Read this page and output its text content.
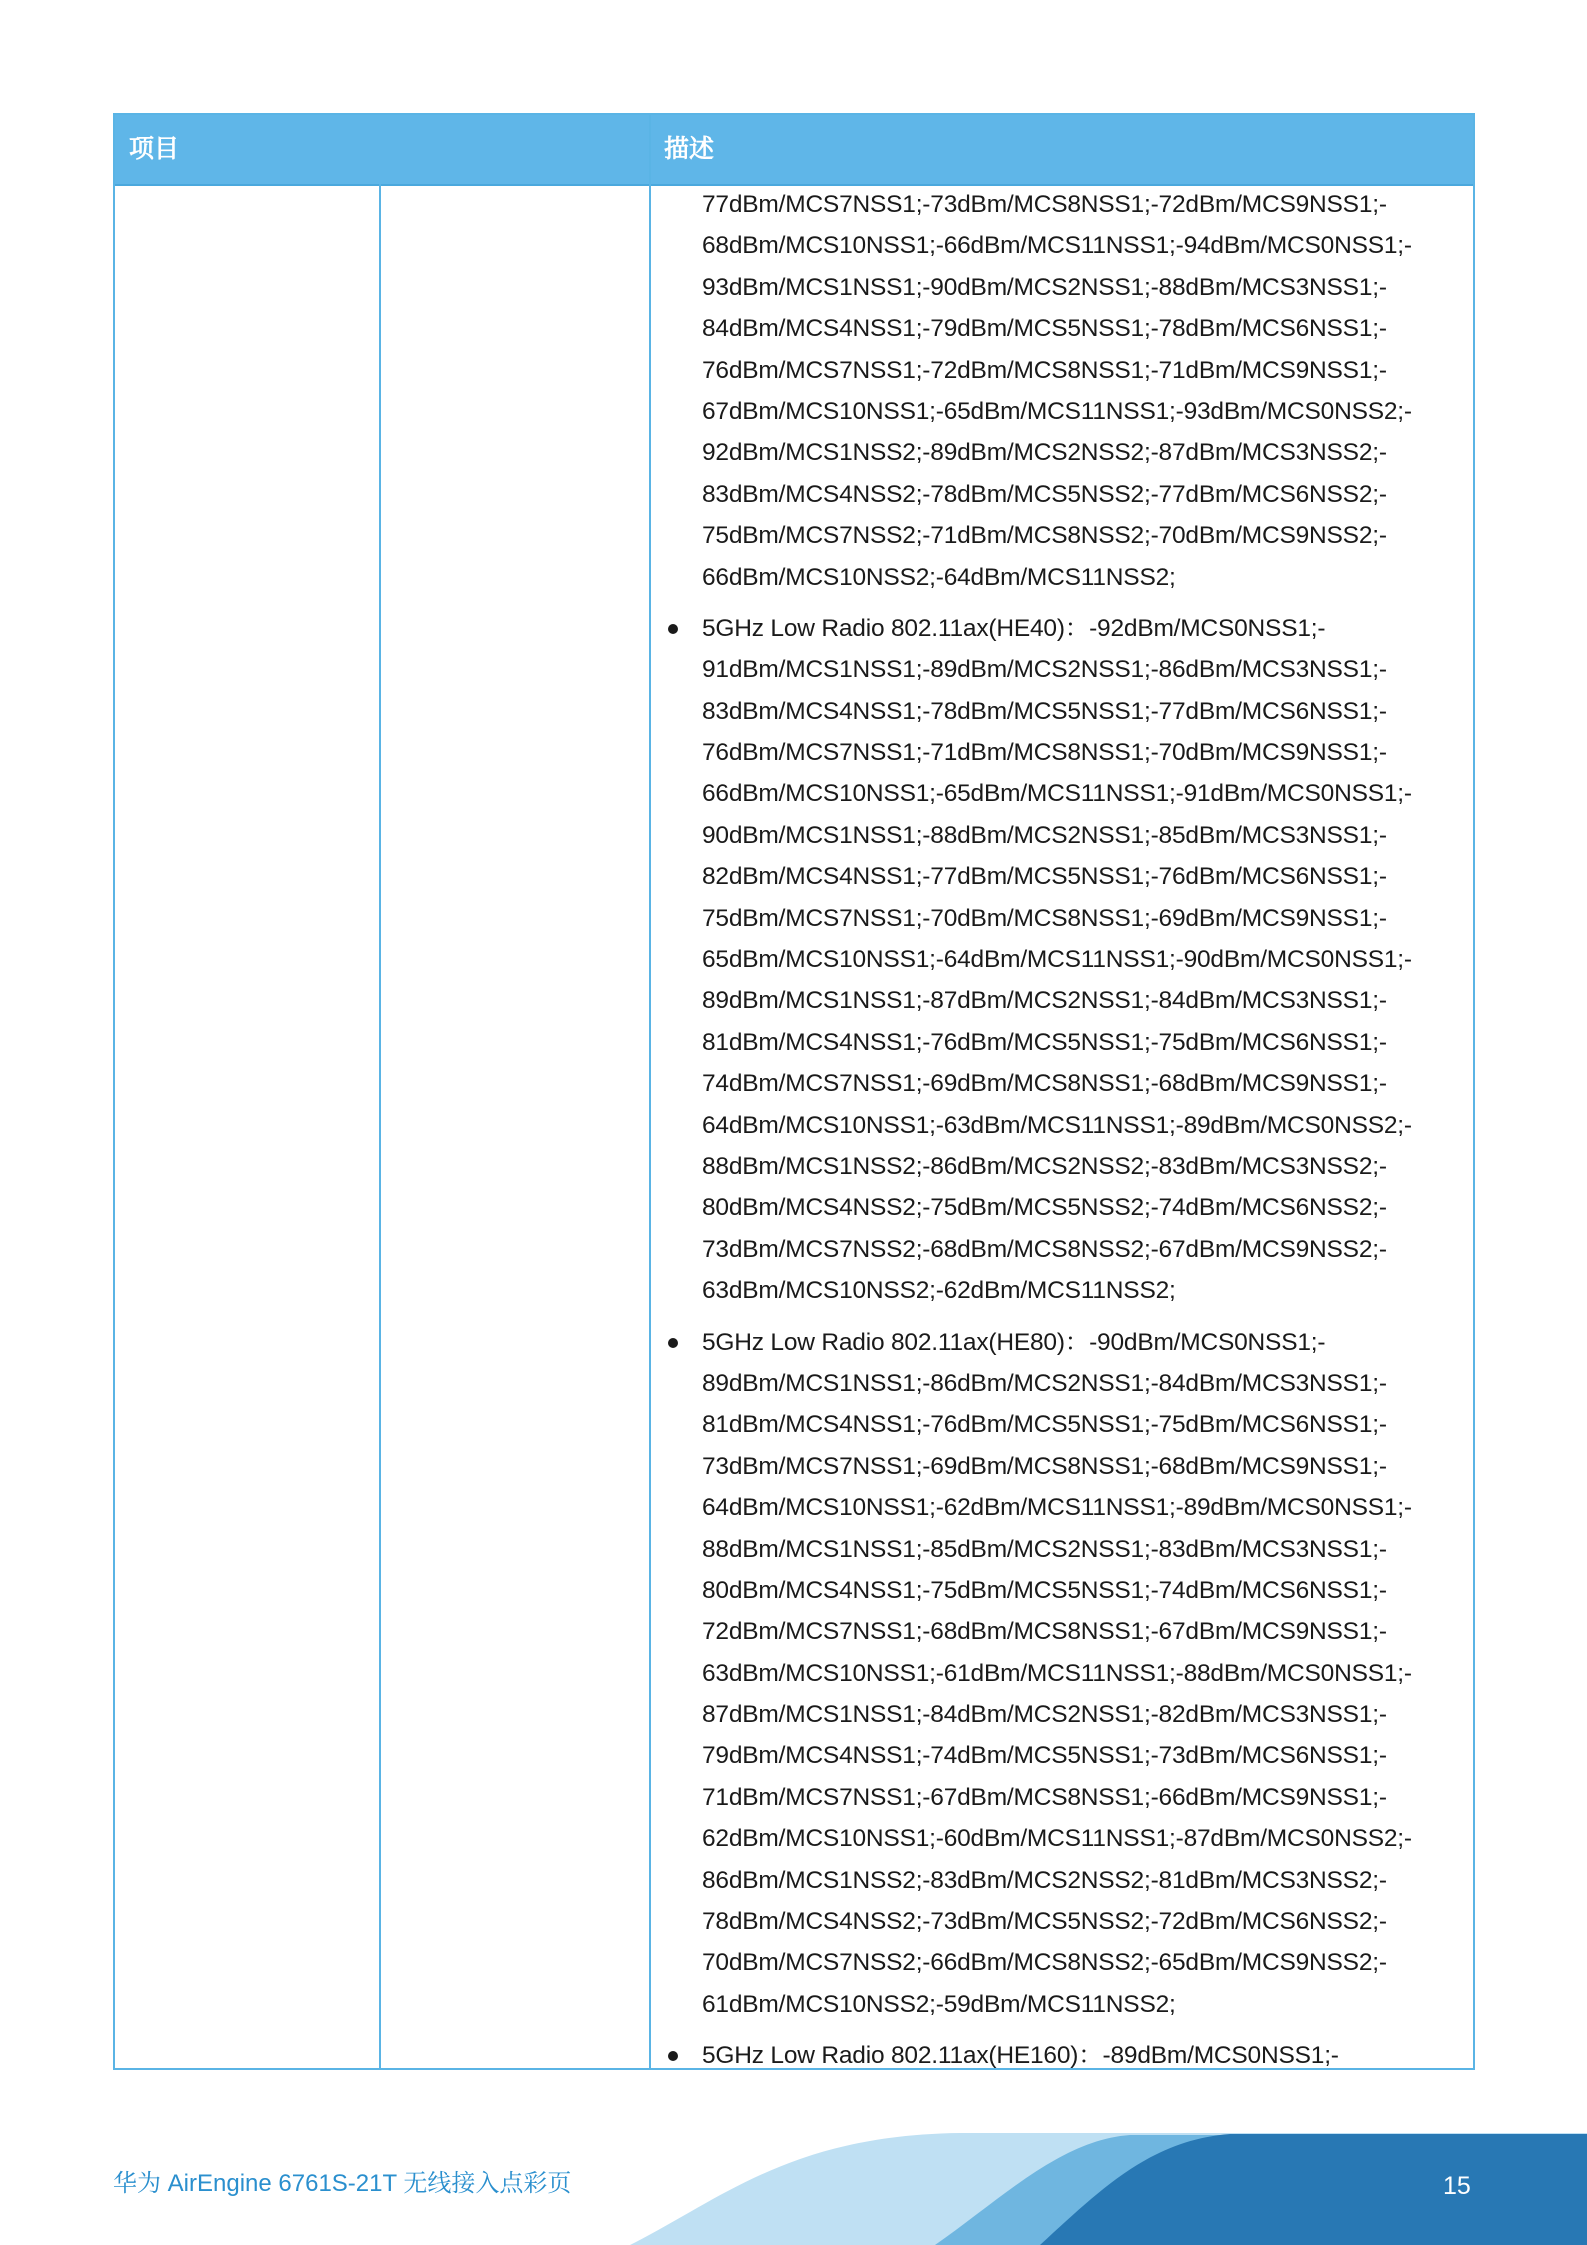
项目	描述
77dBm/MCS7NSS1;-73dBm/MCS8NSS1;-72dBm/MCS9NSS1;-
68dBm/MCS10NSS1;-66dBm/MCS11NSS1;-94dBm/MCS0NSS1;-
93dBm/MCS1NSS1;-90dBm/MCS2NSS1;-88dBm/MCS3NSS1;-
84dBm/MCS4NSS1;-79dBm/MCS5NSS1;-78dBm/MCS6NSS1;-
76dBm/MCS7NSS1;-72dBm/MCS8NSS1;-71dBm/MCS9NSS1;-
67dBm/MCS10NSS1;-65dBm/MCS11NSS1;-93dBm/MCS0NSS2;-
92dBm/MCS1NSS2;-89dBm/MCS2NSS2;-87dBm/MCS3NSS2;-
83dBm/MCS4NSS2;-78dBm/MCS5NSS2;-77dBm/MCS6NSS2;-
75dBm/MCS7NSS2;-71dBm/MCS8NSS2;-70dBm/MCS9NSS2;-
66dBm/MCS10NSS2;-64dBm/MCS11NSS2;
5GHz Low Radio 802.11ax(HE40)：-92dBm/MCS0NSS1;-
91dBm/MCS1NSS1;-89dBm/MCS2NSS1;-86dBm/MCS3NSS1;-
83dBm/MCS4NSS1;-78dBm/MCS5NSS1;-77dBm/MCS6NSS1;-
76dBm/MCS7NSS1;-71dBm/MCS8NSS1;-70dBm/MCS9NSS1;-
66dBm/MCS10NSS1;-65dBm/MCS11NSS1;-91dBm/MCS0NSS1;-
90dBm/MCS1NSS1;-88dBm/MCS2NSS1;-85dBm/MCS3NSS1;-
82dBm/MCS4NSS1;-77dBm/MCS5NSS1;-76dBm/MCS6NSS1;-
75dBm/MCS7NSS1;-70dBm/MCS8NSS1;-69dBm/MCS9NSS1;-
65dBm/MCS10NSS1;-64dBm/MCS11NSS1;-90dBm/MCS0NSS1;-
89dBm/MCS1NSS1;-87dBm/MCS2NSS1;-84dBm/MCS3NSS1;-
81dBm/MCS4NSS1;-76dBm/MCS5NSS1;-75dBm/MCS6NSS1;-
74dBm/MCS7NSS1;-69dBm/MCS8NSS1;-68dBm/MCS9NSS1;-
64dBm/MCS10NSS1;-63dBm/MCS11NSS1;-89dBm/MCS0NSS2;-
88dBm/MCS1NSS2;-86dBm/MCS2NSS2;-83dBm/MCS3NSS2;-
80dBm/MCS4NSS2;-75dBm/MCS5NSS2;-74dBm/MCS6NSS2;-
73dBm/MCS7NSS2;-68dBm/MCS8NSS2;-67dBm/MCS9NSS2;-
63dBm/MCS10NSS2;-62dBm/MCS11NSS2;
5GHz Low Radio 802.11ax(HE80)：-90dBm/MCS0NSS1;-
89dBm/MCS1NSS1;-86dBm/MCS2NSS1;-84dBm/MCS3NSS1;-
81dBm/MCS4NSS1;-76dBm/MCS5NSS1;-75dBm/MCS6NSS1;-
73dBm/MCS7NSS1;-69dBm/MCS8NSS1;-68dBm/MCS9NSS1;-
64dBm/MCS10NSS1;-62dBm/MCS11NSS1;-89dBm/MCS0NSS1;-
88dBm/MCS1NSS1;-85dBm/MCS2NSS1;-83dBm/MCS3NSS1;-
80dBm/MCS4NSS1;-75dBm/MCS5NSS1;-74dBm/MCS6NSS1;-
72dBm/MCS7NSS1;-68dBm/MCS8NSS1;-67dBm/MCS9NSS1;-
63dBm/MCS10NSS1;-61dBm/MCS11NSS1;-88dBm/MCS0NSS1;-
87dBm/MCS1NSS1;-84dBm/MCS2NSS1;-82dBm/MCS3NSS1;-
79dBm/MCS4NSS1;-74dBm/MCS5NSS1;-73dBm/MCS6NSS1;-
71dBm/MCS7NSS1;-67dBm/MCS8NSS1;-66dBm/MCS9NSS1;-
62dBm/MCS10NSS1;-60dBm/MCS11NSS1;-87dBm/MCS0NSS2;-
86dBm/MCS1NSS2;-83dBm/MCS2NSS2;-81dBm/MCS3NSS2;-
78dBm/MCS4NSS2;-73dBm/MCS5NSS2;-72dBm/MCS6NSS2;-
70dBm/MCS7NSS2;-66dBm/MCS8NSS2;-65dBm/MCS9NSS2;-
61dBm/MCS10NSS2;-59dBm/MCS11NSS2;
5GHz Low Radio 802.11ax(HE160)：-89dBm/MCS0NSS1;-
华为 AirEngine 6761S-21T 无线接入点彩页	15
